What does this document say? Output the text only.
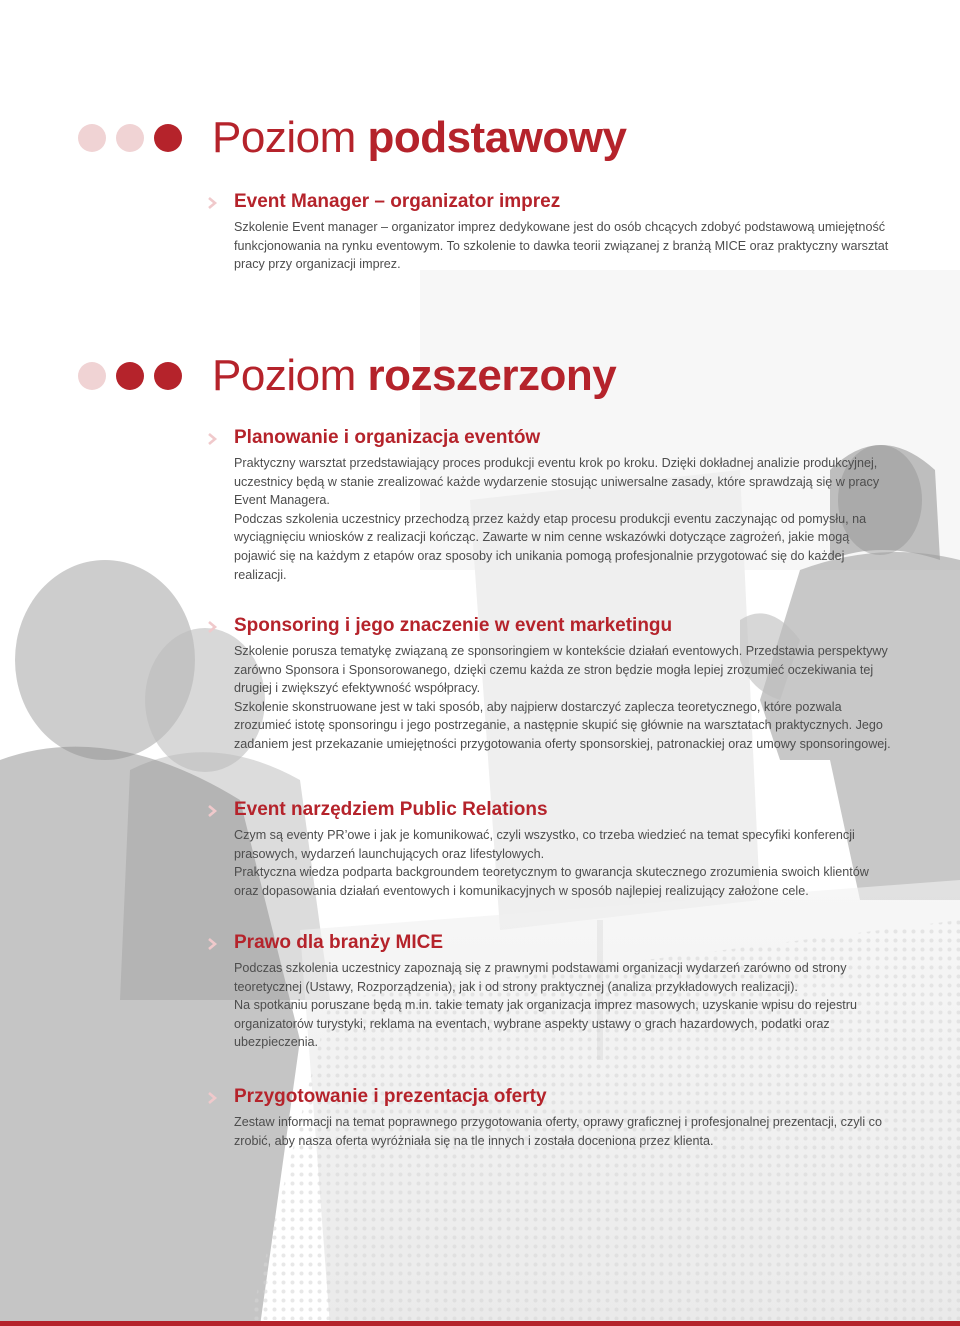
Poziom podstawowy
Event Manager – organizator imprez

Szkolenie Event manager – organizator imprez dedykowane jest do osób chcących zdobyć podstawową umiejętność funkcjonowania na rynku eventowym. To szkolenie to dawka teorii związanej z branżą MICE oraz praktyczny warsztat pracy przy organizacji imprez.

Poziom rozszerzony
Planowanie i organizacja eventów

Praktyczny warsztat przedstawiający proces produkcji eventu krok po kroku. Dzięki dokładnej analizie produkcyjnej, uczestnicy będą w stanie zrealizować każde wydarzenie stosując uniwersalne zasady, które sprawdzają się w pracy Event Managera.

Podczas szkolenia uczestnicy przechodzą przez każdy etap procesu produkcji eventu zaczynając od pomysłu, na wyciągnięciu wniosków z realizacji kończąc. Zawarte w nim cenne wskazówki dotyczące zagrożeń, jakie mogą pojawić się na każdym z etapów oraz sposoby ich unikania pomogą profesjonalnie przygotować się do każdej realizacji.

Sponsoring i jego znaczenie w event marketingu

Szkolenie porusza tematykę związaną ze sponsoringiem w kontekście działań eventowych. Przedstawia perspektywy zarówno Sponsora i Sponsorowanego, dzięki czemu każda ze stron będzie mogła lepiej zrozumieć oczekiwania tej drugiej i zwiększyć efektywność współpracy.

Szkolenie skonstruowane jest w taki sposób, aby najpierw dostarczyć zaplecza teoretycznego, które pozwala zrozumieć istotę sponsoringu i jego postrzeganie, a następnie skupić się głównie na warsztatach praktycznych. Jego zadaniem jest przekazanie umiejętności przygotowania oferty sponsorskiej, patronackiej oraz umowy sponsoringowej.

Event narzędziem Public Relations

Czym są eventy PR’owe i jak je komunikować, czyli wszystko, co trzeba wiedzieć na temat specyfiki konferencji prasowych, wydarzeń launchujących oraz lifestylowych.

Praktyczna wiedza podparta backgroundem teoretycznym to gwarancja skutecznego zrozumienia swoich klientów oraz dopasowania działań eventowych i komunikacyjnych w sposób najlepiej realizujący założone cele.

Prawo dla branży MICE

Podczas szkolenia uczestnicy zapoznają się z prawnymi podstawami organizacji wydarzeń zarówno od strony teoretycznej (Ustawy, Rozporządzenia), jak i od strony praktycznej (analiza przykładowych realizacji).

Na spotkaniu poruszane będą m.in. takie tematy jak organizacja imprez masowych, uzyskanie wpisu do rejestru organizatorów turystyki, reklama na eventach, wybrane aspekty ustawy o grach hazardowych, podatki oraz ubezpieczenia.

Przygotowanie i prezentacja oferty

Zestaw informacji na temat poprawnego przygotowania oferty, oprawy graficznej i profesjonalnej prezentacji, czyli co zrobić, aby nasza oferta wyróżniała się na tle innych i została doceniona przez klienta.
